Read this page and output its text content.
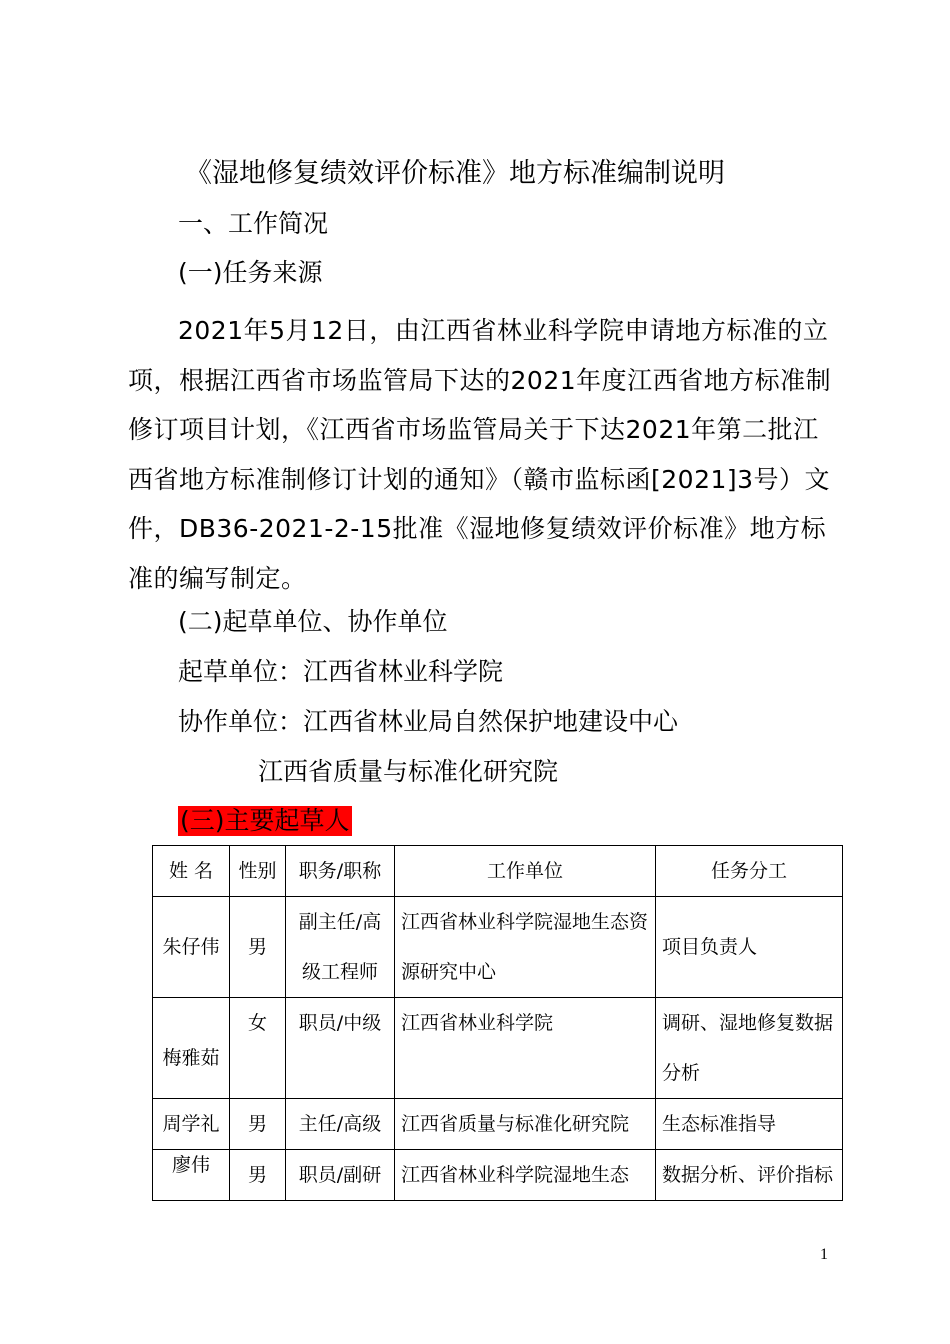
《湿地修复绩效评价标准》地方标准编制说明
一、工作简况
(一)任务来源
2021年5月12日，由江西省林业科学院申请地方标准的立项，根据江西省市场监管局下达的2021年度江西省地方标准制修订项目计划，《江西省市场监管局关于下达2021年第二批江西省地方标准制修订计划的通知》（赣市监标函[2021]3号）文件，DB36-2021-2-15批准《湿地修复绩效评价标准》地方标准的编写制定。
(二)起草单位、协作单位
起草单位：江西省林业科学院
协作单位：江西省林业局自然保护地建设中心
江西省质量与标准化研究院
(三)主要起草人
姓 名	性别	职务/职称	工作单位	任务分工
朱仔伟	男	副主任/高级工程师	江西省林业科学院湿地生态资源研究中心	项目负责人
梅雅茹	女	职员/中级	江西省林业科学院	调研、湿地修复数据分析
周学礼	男	主任/高级	江西省质量与标准化研究院	生态标准指导
廖伟	男	职员/副研	江西省林业科学院湿地生态	数据分析、评价指标
1
